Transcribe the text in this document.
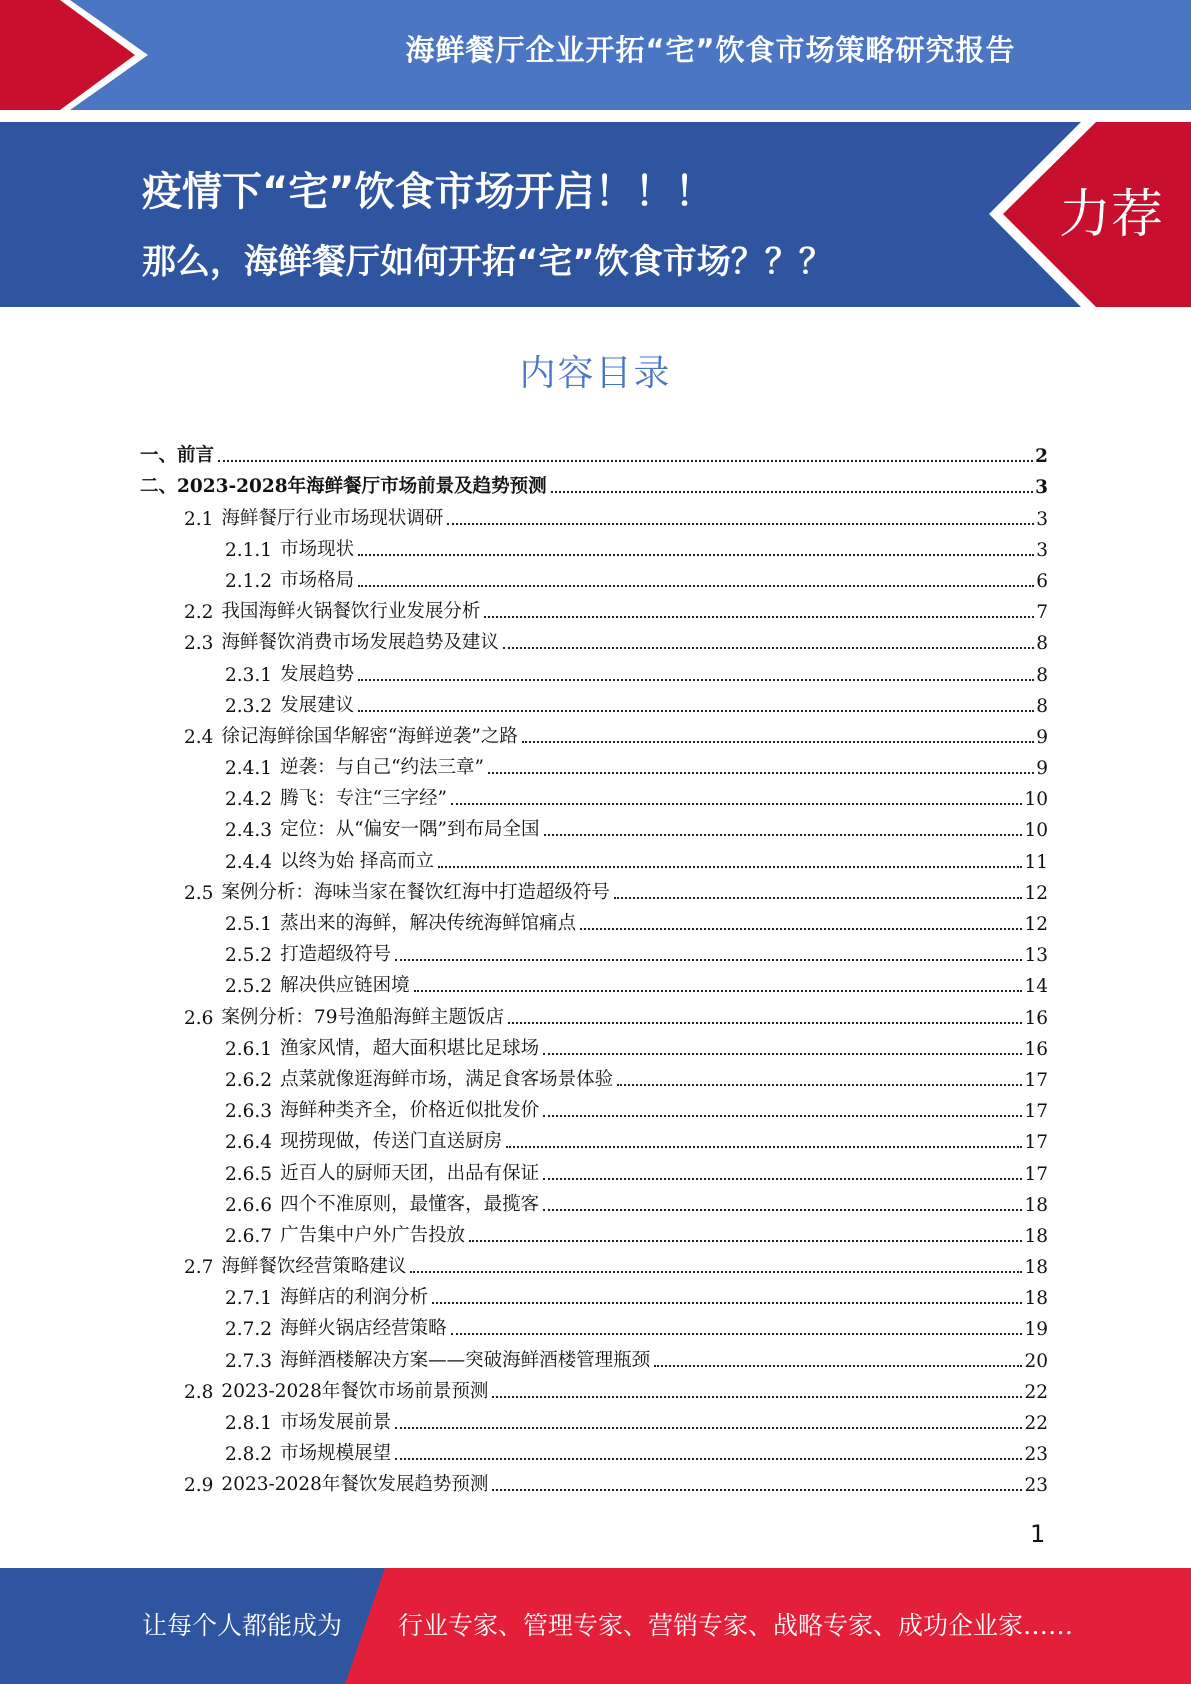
海鲜餐厅企业开拓“宅”饮食市场策略研究报告
疫情下“宅”饮食市场开启！！！
那么，海鲜餐厅如何开拓“宅”饮食市场？？？
力荐
内容目录
一、 前言	2
二、 2023-2028年海鲜餐厅市场前景及趋势预测	3
2.1 海鲜餐厅行业市场现状调研	3
2.1.1 市场现状	3
2.1.2 市场格局	6
2.2 我国海鲜火锅餐饮行业发展分析	7
2.3 海鲜餐饮消费市场发展趋势及建议	8
2.3.1 发展趋势	8
2.3.2 发展建议	8
2.4 徐记海鲜徐国华解密“海鲜逆袭”之路	9
2.4.1 逆袭：与自己“约法三章”	9
2.4.2 腾飞：专注“三字经”	10
2.4.3 定位：从“偏安一隅”到布局全国	10
2.4.4 以终为始 择高而立	11
2.5 案例分析：海味当家在餐饮红海中打造超级符号	12
2.5.1 蒸出来的海鲜，解决传统海鲜馆痛点	12
2.5.2 打造超级符号	13
2.5.2 解决供应链困境	14
2.6 案例分析：79号渔船海鲜主题饭店	16
2.6.1 渔家风情，超大面积堪比足球场	16
2.6.2 点菜就像逛海鲜市场，满足食客场景体验	17
2.6.3 海鲜种类齐全，价格近似批发价	17
2.6.4 现捞现做，传送门直送厨房	17
2.6.5 近百人的厨师天团，出品有保证	17
2.6.6 四个不准原则，最懂客，最揽客	18
2.6.7 广告集中户外广告投放	18
2.7 海鲜餐饮经营策略建议	18
2.7.1 海鲜店的利润分析	18
2.7.2 海鲜火锅店经营策略	19
2.7.3 海鲜酒楼解决方案——突破海鲜酒楼管理瓶颈	20
2.8 2023-2028年餐饮市场前景预测	22
2.8.1 市场发展前景	22
2.8.2 市场规模展望	23
2.9 2023-2028年餐饮发展趋势预测	23
1
让每个人都能成为 行业专家、管理专家、营销专家、战略专家、成功企业家……
